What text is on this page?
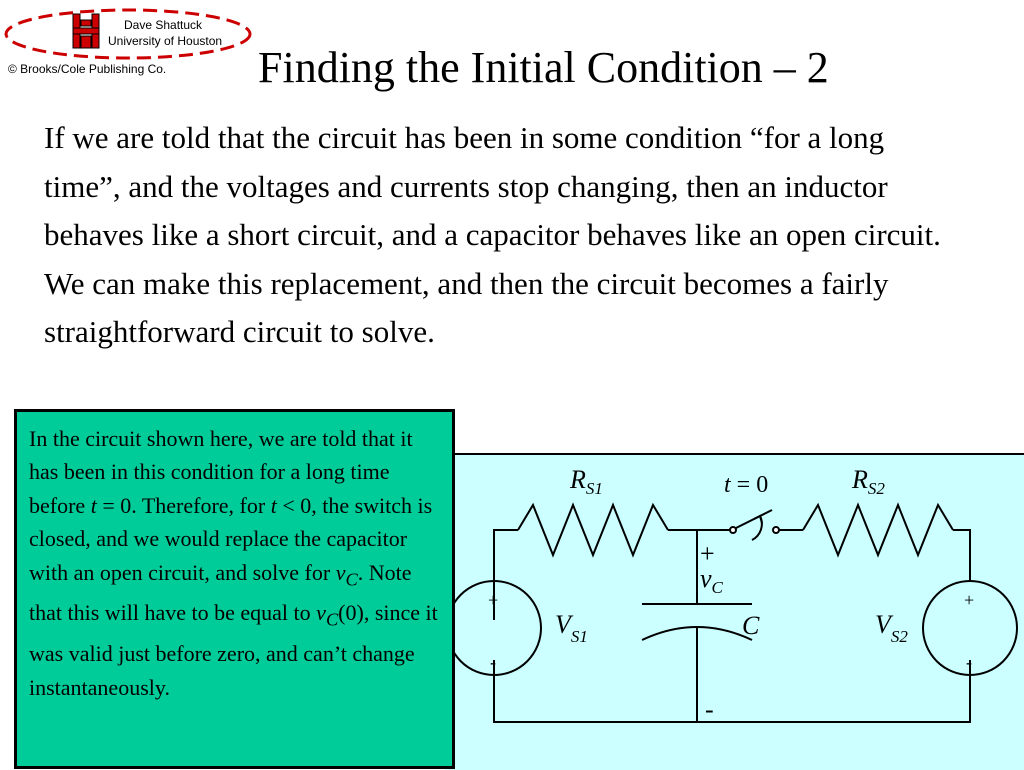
Dave Shattuck
University of Houston
© Brooks/Cole Publishing Co. Finding the Initial Condition – 2

If we are told that the circuit has been in some condition “for a long time”, and the voltages and currents stop changing, then an inductor behaves like a short circuit, and a capacitor behaves like an open circuit. We can make this replacement, and then the circuit becomes a fairly straightforward circuit to solve.

$R_{S1}$	$R_{S2}$
t = 0
+
$v_C$
-
C
$V_{S1}$	$V_{S2}$
+
-
+
-

In the circuit shown here, we are told that it has been in this condition for a long time before t = 0. Therefore, for t < 0, the switch is closed, and we would replace the capacitor with an open circuit, and solve for $v_C$. Note that this will have to be equal to $v_C(0)$, since it was valid just before zero, and can’t change instantaneously.
